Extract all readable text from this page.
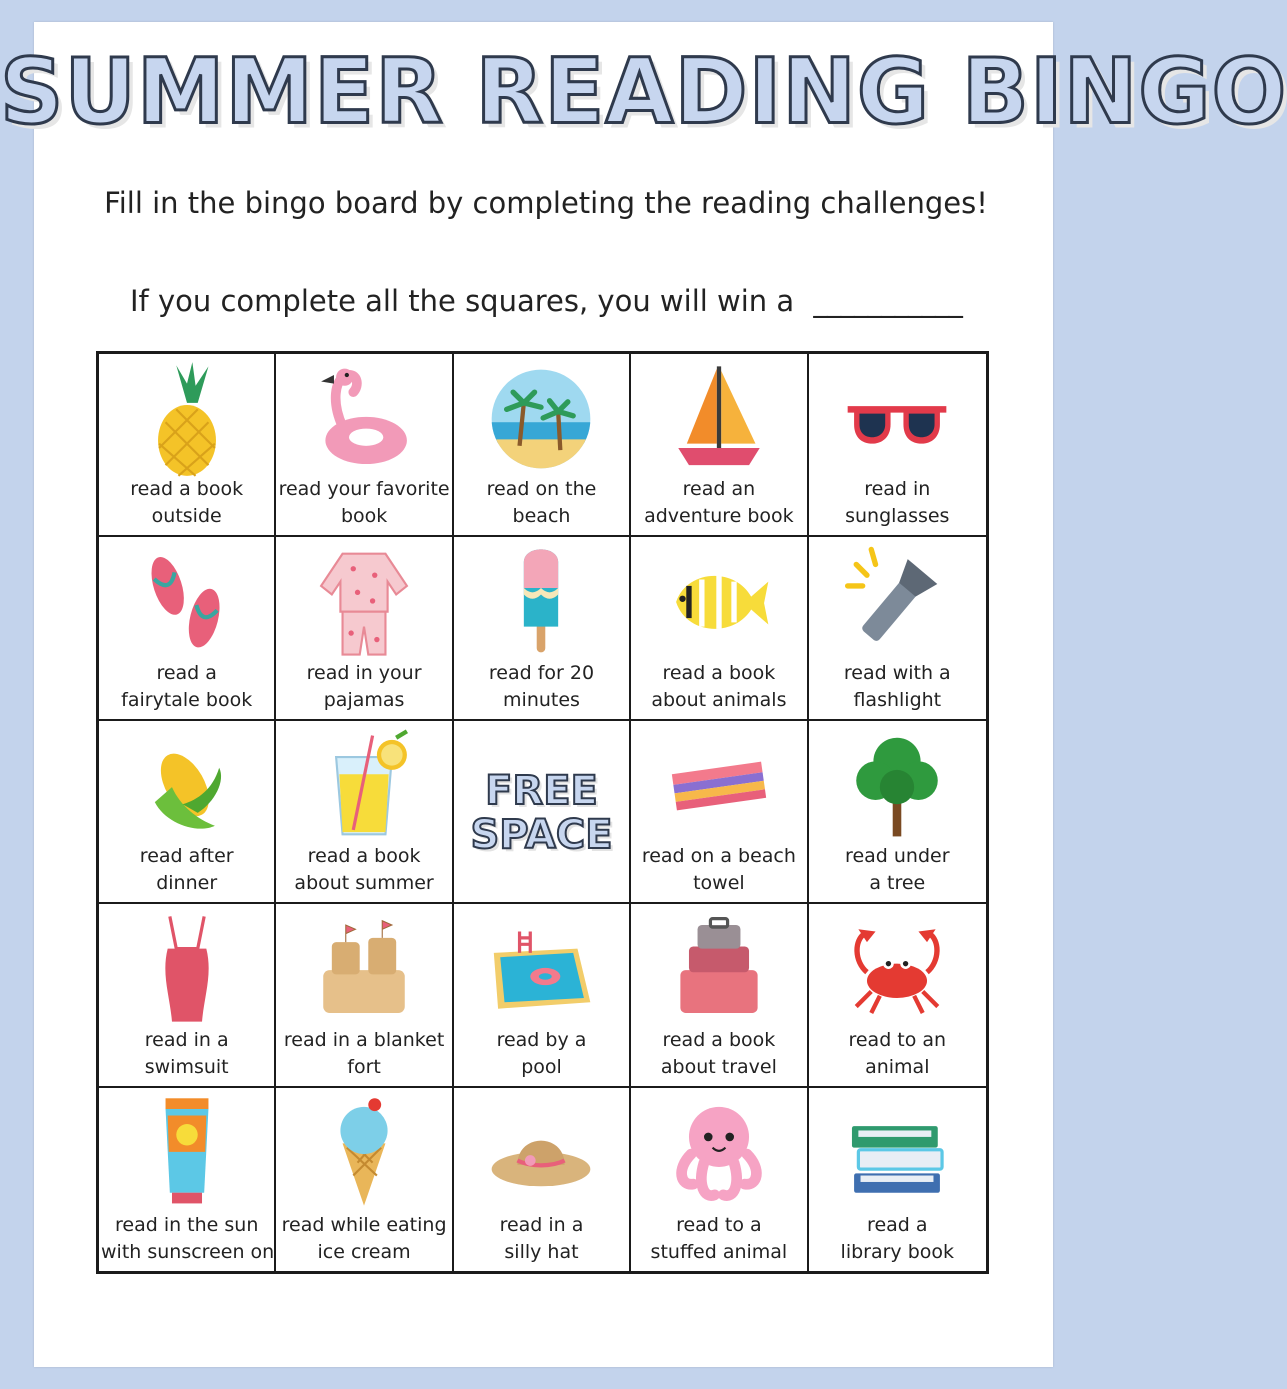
SUMMER READING BINGO
Fill in the bingo board by completing the reading challenges!
If you complete all the squares, you will win a ___________
read a book
outside
read your favorite
book
read on the
beach
read an
adventure book
read in
sunglasses
read a
fairytale book
read in your
pajamas
read for 20
minutes
read a book
about animals
read with a
flashlight
read after
dinner
read a book
about summer
FREE
SPACE	read on a beach
towel
read under
a tree
read in a
swimsuit
read in a blanket
fort
read by a
pool
read a book
about travel
read to an
animal
read in the sun
with sunscreen on
read while eating
ice cream
read in a
silly hat
read to a
stuffed animal
read a
library book
